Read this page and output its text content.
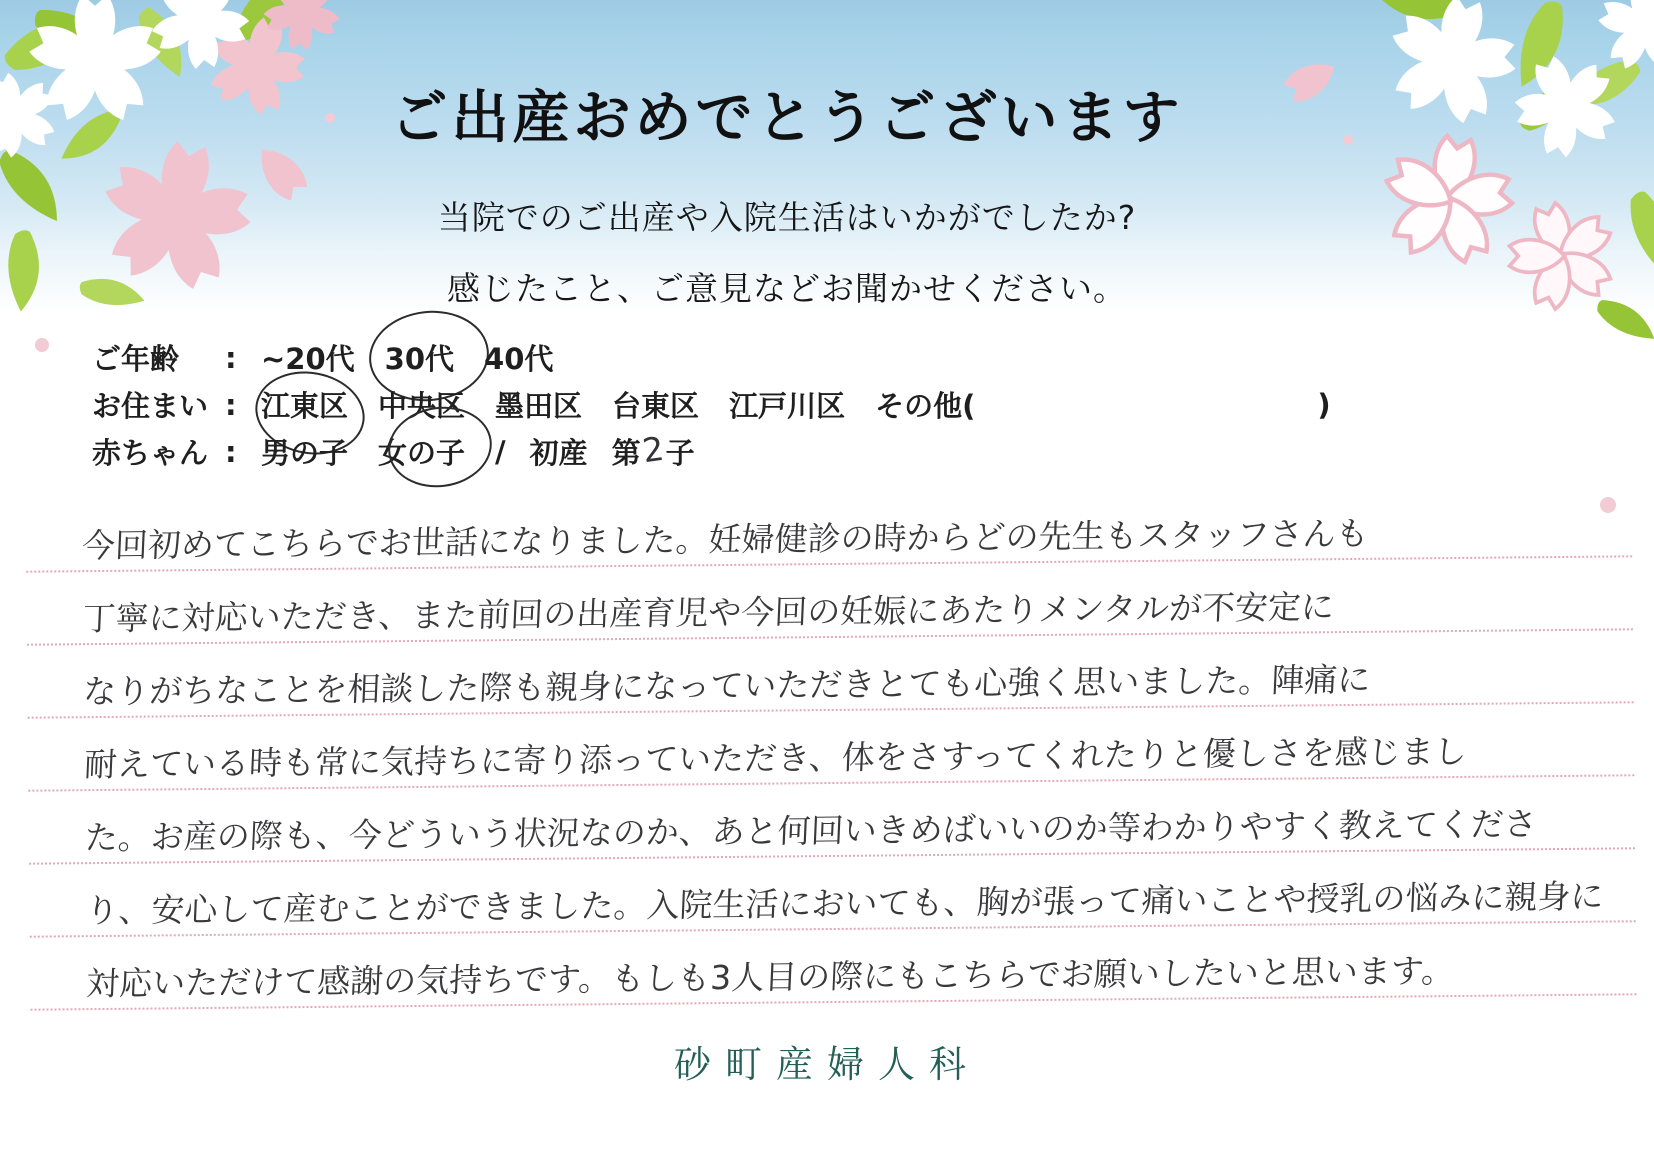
ご出産おめでとうございます

当院でのご出産や入院生活はいかがでしたか?

感じたこと、ご意見などお聞かせください。

ご年齢	: ~20代 30代 40代
お住まい : 江東区 中央区 墨田区 台東区 江戸川区 その他(	)
赤ちゃん : 男の子 女の子 / 初産 第2子
今回初めてこちらでお世話になりました。妊婦健診の時からどの先生もスタッフさんも
丁寧に対応いただき、また前回の出産育児や今回の妊娠にあたりメンタルが不安定に
なりがちなことを相談した際も親身になっていただきとても心強く思いました。陣痛に
耐えている時も常に気持ちに寄り添っていただき、体をさすってくれたりと優しさを感じまし
た。お産の際も、今どういう状況なのか、あと何回いきめばいいのか等わかりやすく教えてくださ
り、安心して産むことができました。入院生活においても、胸が張って痛いことや授乳の悩みに親身に
対応いただけて感謝の気持ちです。もしも3人目の際にもこちらでお願いしたいと思います。
砂町産婦人科
